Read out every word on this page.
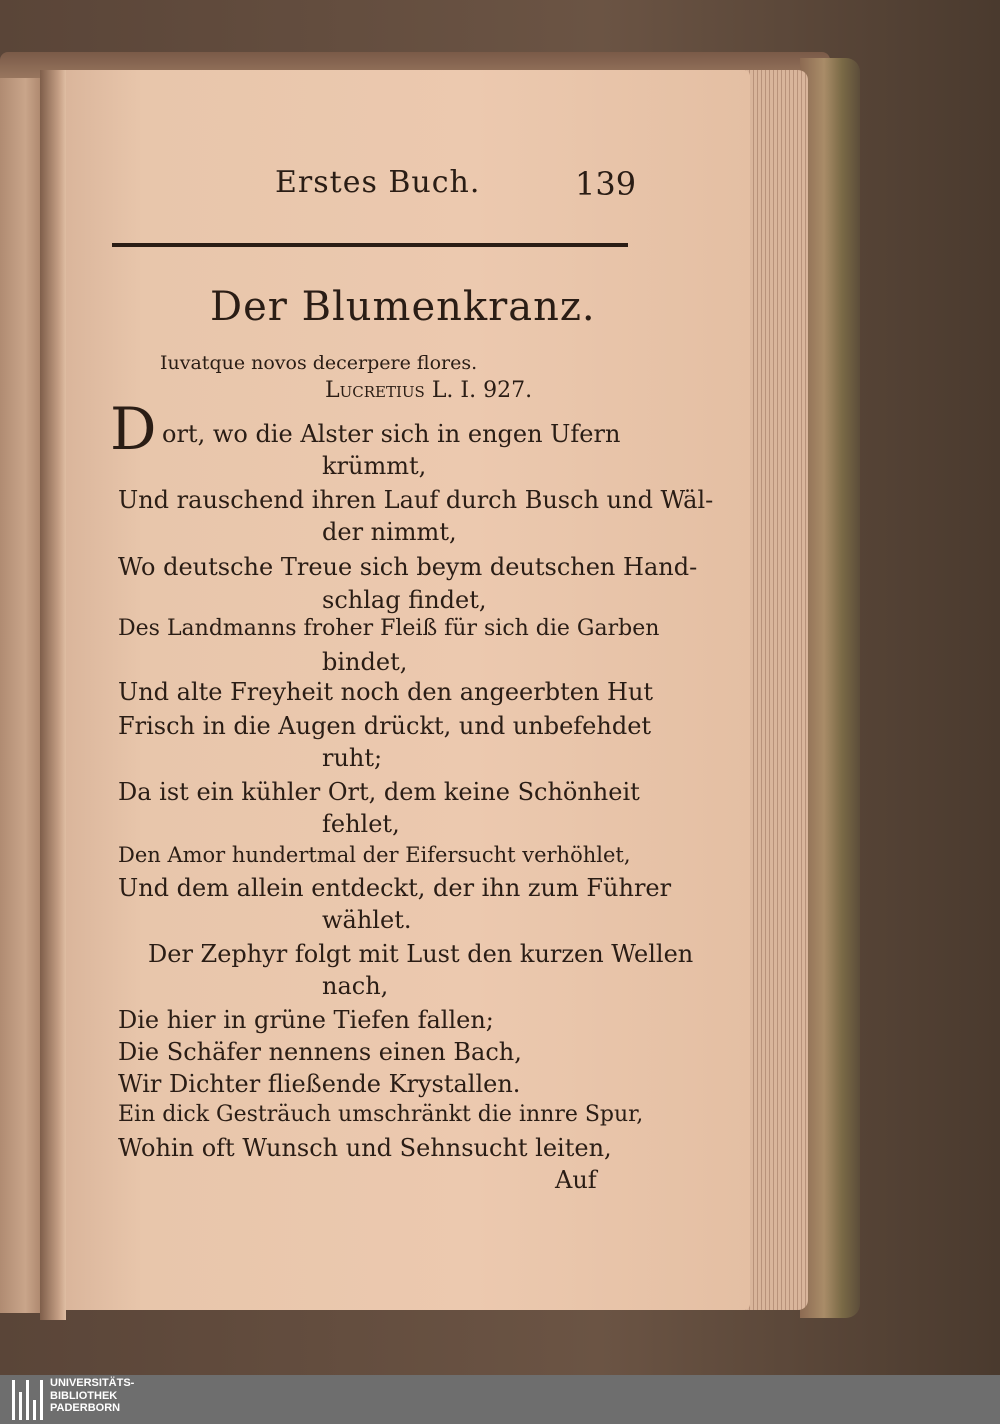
Erstes Buch.	139
Der Blumenkranz.
Iuvatque novos decerpere flores.
Lucretius L. I. 927.
D ort, wo die Alster sich in engen Ufern
krümmt,
Und rauschend ihren Lauf durch Busch und Wäl-
der nimmt,
Wo deutsche Treue sich beym deutschen Hand-
schlag findet,
Des Landmanns froher Fleiß für sich die Garben
bindet,
Und alte Freyheit noch den angeerbten Hut
Frisch in die Augen drückt, und unbefehdet
ruht;
Da ist ein kühler Ort, dem keine Schönheit
fehlet,
Den Amor hundertmal der Eifersucht verhöhlet,
Und dem allein entdeckt, der ihn zum Führer
wählet.
Der Zephyr folgt mit Lust den kurzen Wellen
nach,
Die hier in grüne Tiefen fallen;
Die Schäfer nennens einen Bach,
Wir Dichter fließende Krystallen.
Ein dick Gesträuch umschränkt die innre Spur,
Wohin oft Wunsch und Sehnsucht leiten,
Auf
UNIVERSITÄTS-
BIBLIOTHEK
PADERBORN
